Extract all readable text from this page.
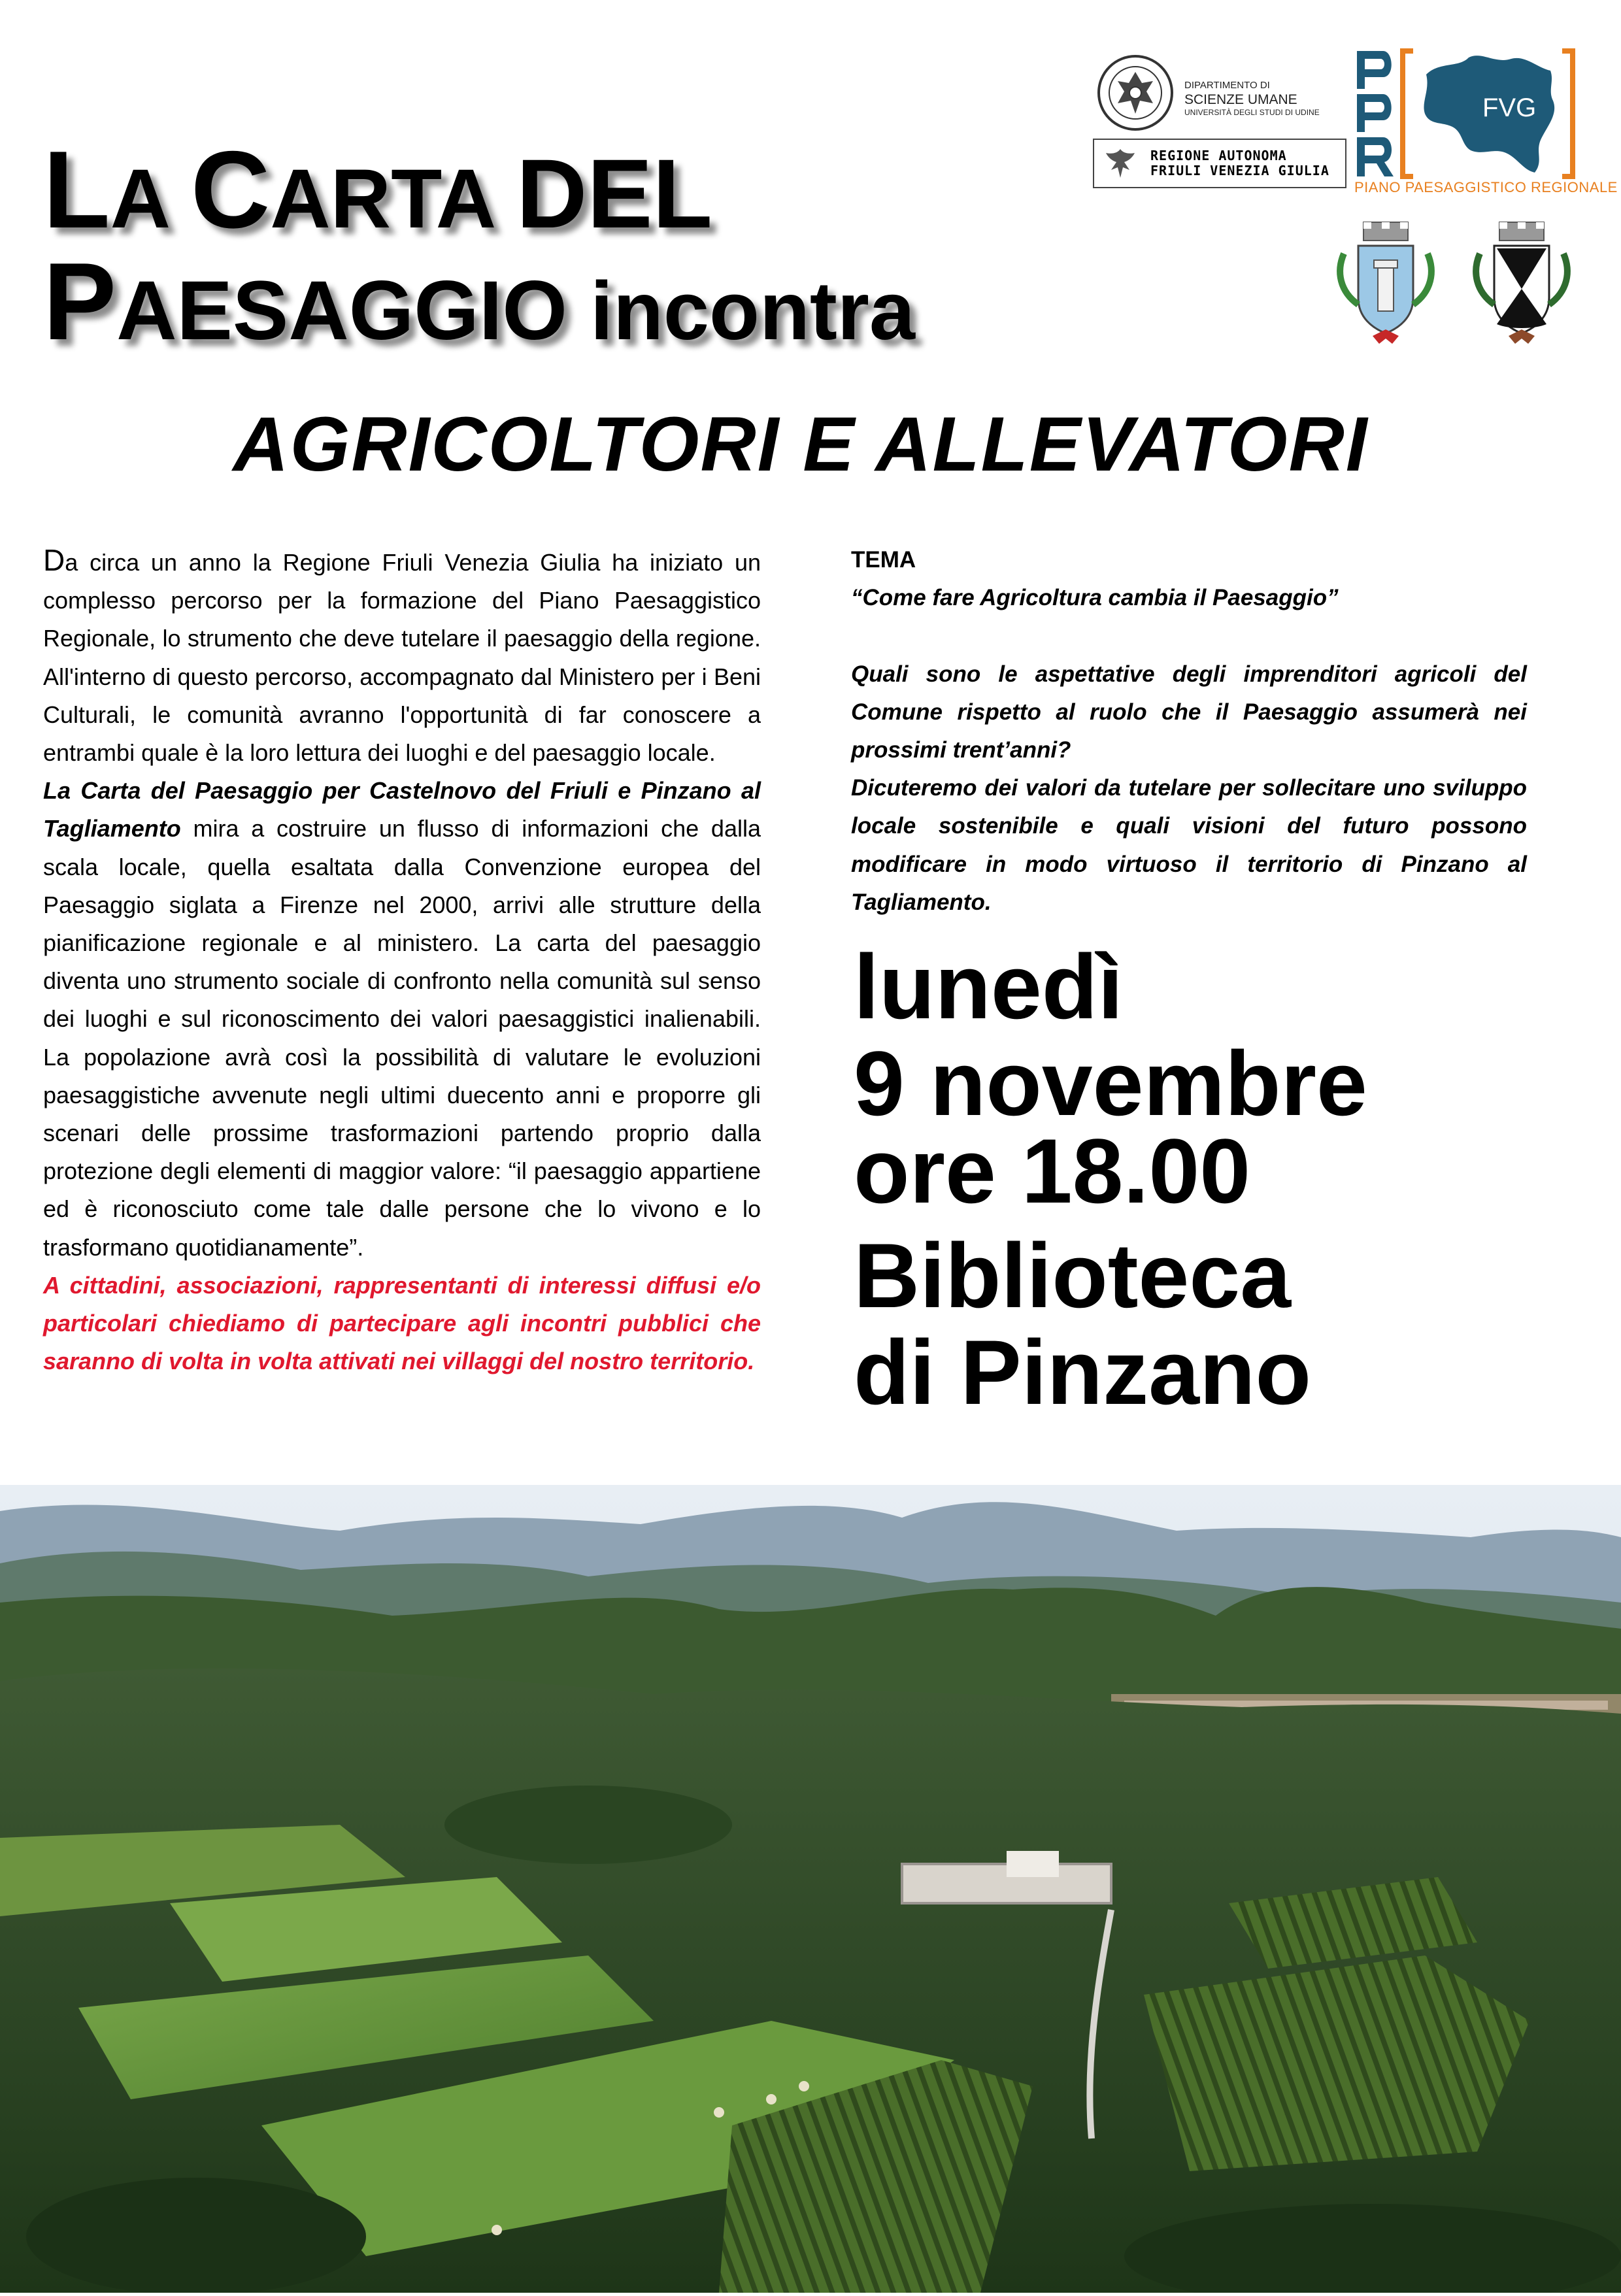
LA CARTA DEL
PAESAGGIO incontra
AGRICOLTORI E ALLEVATORI
DIPARTIMENTO DI
SCIENZE UMANE
UNIVERSITÀ DEGLI STUDI DI UDINE
REGIONE AUTONOMA
FRIULI VENEZIA GIULIA
FVG
PIANO PAESAGGISTICO REGIONALE

Da circa un anno la Regione Friuli Venezia Giulia ha iniziato un complesso percorso per la formazione del Piano Paesaggistico Regionale, lo strumento che deve tutelare il paesaggio della regione. All'interno di questo percorso, accompagnato dal Ministero per i Beni Culturali, le comunità avranno l'opportunità di far conoscere a entrambi quale è la loro lettura dei luoghi e del paesaggio locale.

La Carta del Paesaggio per Castelnovo del Friuli e Pinzano al Tagliamento mira a costruire un flusso di informazioni che dalla scala locale, quella esaltata dalla Convenzione europea del Paesaggio siglata a Firenze nel 2000, arrivi alle strutture della pianificazione regionale e al ministero. La carta del paesaggio diventa uno strumento sociale di confronto nella comunità sul senso dei luoghi e sul riconoscimento dei valori paesaggistici inalienabili. La popolazione avrà così la possibilità di valutare le evoluzioni paesaggistiche avvenute negli ultimi duecento anni e proporre gli scenari delle prossime trasformazioni partendo proprio dalla protezione degli elementi di maggior valore: “il paesaggio appartiene ed è riconosciuto come tale dalle persone che lo vivono e lo trasformano quotidianamente”.

A cittadini, associazioni, rappresentanti di interessi diffusi e/o particolari chiediamo di partecipare agli incontri pubblici che saranno di volta in volta attivati nei villaggi del nostro territorio.

TEMA

“Come fare Agricoltura cambia il Paesaggio”

Quali sono le aspettative degli imprenditori agricoli del Comune rispetto al ruolo che il Paesaggio assumerà nei prossimi trent’anni?

Dicuteremo dei valori da tutelare per sollecitare uno sviluppo locale sostenibile e quali visioni del futuro possono modificare in modo virtuoso il territorio di Pinzano al Tagliamento.

lunedì
9 novembre
ore 18.00
Biblioteca
di Pinzano
